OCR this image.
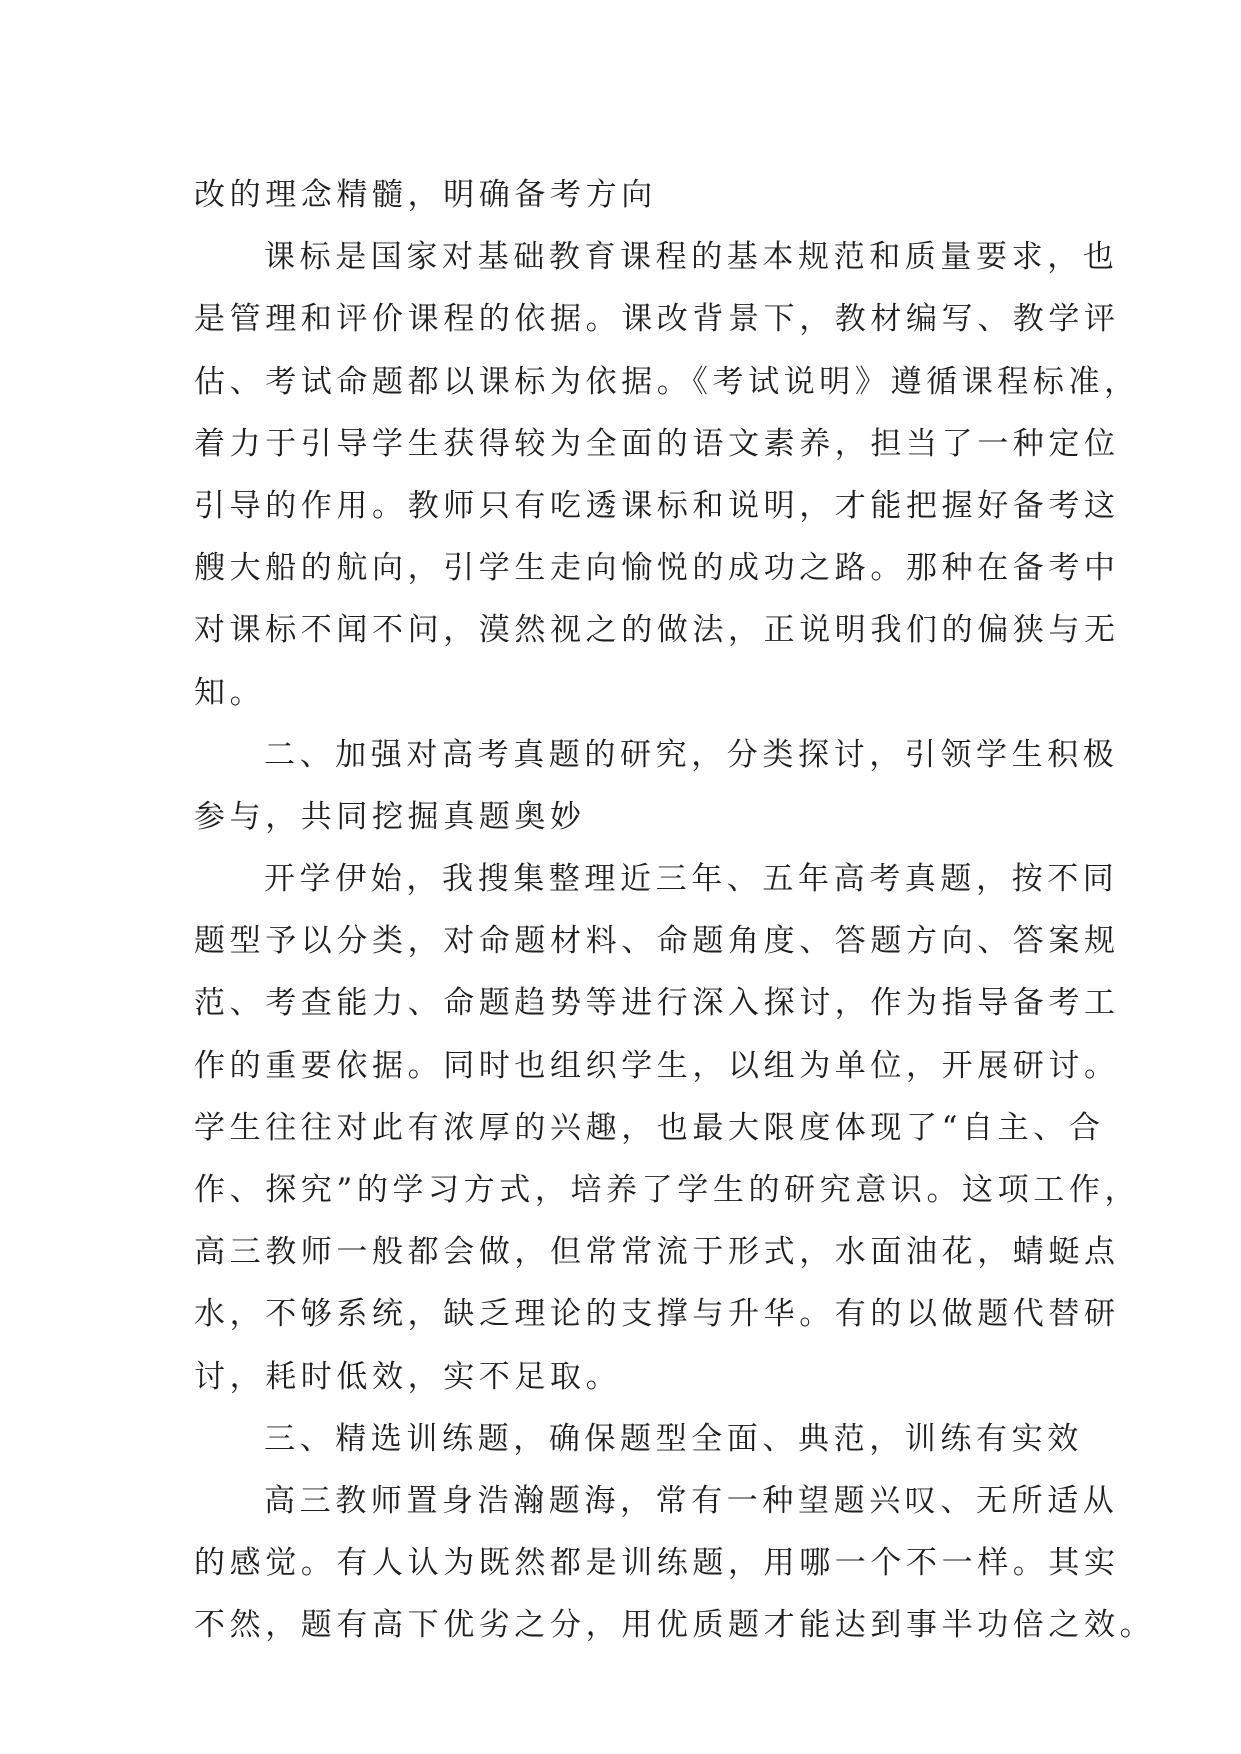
改的理念精髓，明确备考方向
课标是国家对基础教育课程的基本规范和质量要求，也
是管理和评价课程的依据。课改背景下，教材编写、教学评
估、考试命题都以课标为依据。《考试说明》遵循课程标准，
着力于引导学生获得较为全面的语文素养，担当了一种定位
引导的作用。教师只有吃透课标和说明，才能把握好备考这
艘大船的航向，引学生走向愉悦的成功之路。那种在备考中
对课标不闻不问，漠然视之的做法，正说明我们的偏狭与无
知。
二、加强对高考真题的研究，分类探讨，引领学生积极
参与，共同挖掘真题奥妙
开学伊始，我搜集整理近三年、五年高考真题，按不同
题型予以分类，对命题材料、命题角度、答题方向、答案规
范、考查能力、命题趋势等进行深入探讨，作为指导备考工
作的重要依据。同时也组织学生，以组为单位，开展研讨。
学生往往对此有浓厚的兴趣，也最大限度体现了“自主、合
作、探究”的学习方式，培养了学生的研究意识。这项工作，
高三教师一般都会做，但常常流于形式，水面油花，蜻蜓点
水，不够系统，缺乏理论的支撑与升华。有的以做题代替研
讨，耗时低效，实不足取。
三、精选训练题，确保题型全面、典范，训练有实效
高三教师置身浩瀚题海，常有一种望题兴叹、无所适从
的感觉。有人认为既然都是训练题，用哪一个不一样。其实
不然，题有高下优劣之分，用优质题才能达到事半功倍之效。
